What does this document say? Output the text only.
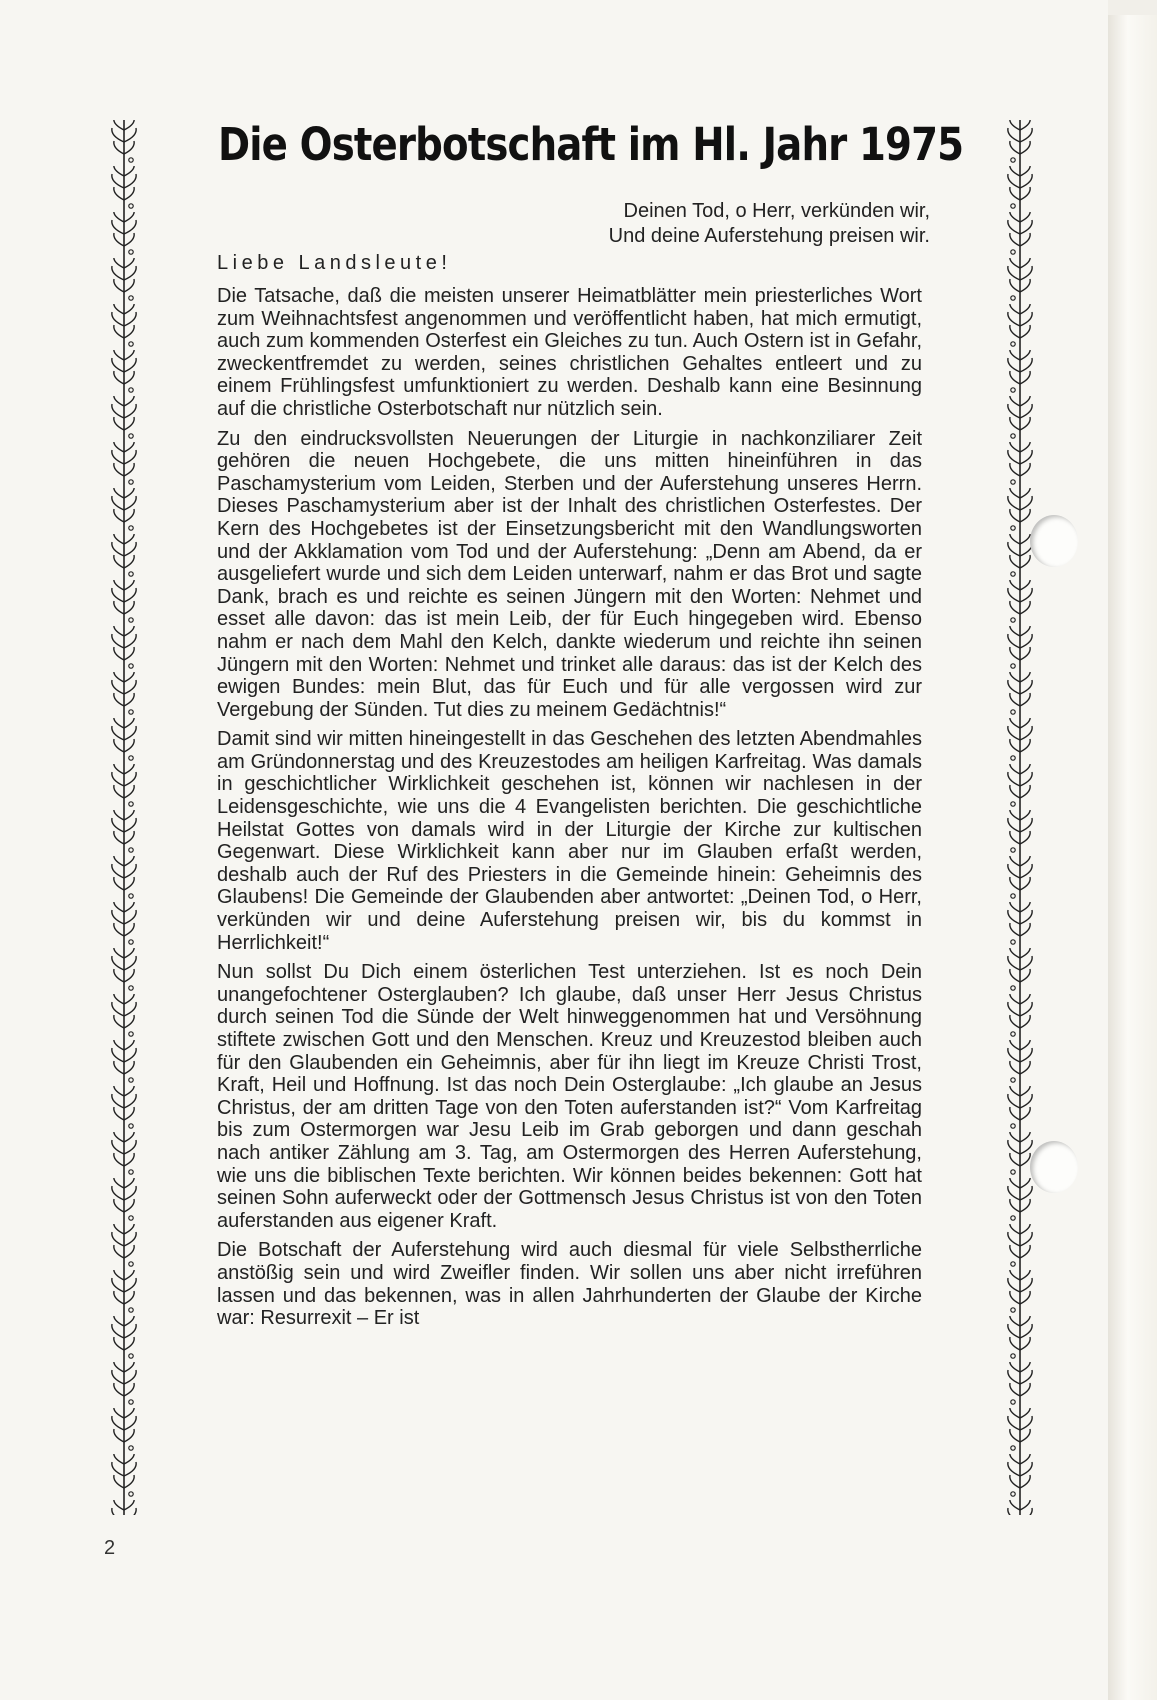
Die Osterbotschaft im Hl. Jahr 1975
Deinen Tod, o Herr, verkünden wir,
Und deine Auferstehung preisen wir.
Liebe Landsleute!

Die Tatsache, daß die meisten unserer Heimatblätter mein priesterliches Wort zum Weihnachtsfest angenommen und veröffentlicht haben, hat mich ermutigt, auch zum kommenden Osterfest ein Gleiches zu tun. Auch Ostern ist in Gefahr, zweckentfremdet zu werden, seines christlichen Gehaltes entleert und zu einem Frühlingsfest umfunktioniert zu werden. Deshalb kann eine Besinnung auf die christliche Osterbotschaft nur nützlich sein.

Zu den eindrucksvollsten Neuerungen der Liturgie in nachkonziliarer Zeit gehören die neuen Hochgebete, die uns mitten hineinführen in das Paschamysterium vom Leiden, Sterben und der Auferstehung unseres Herrn. Dieses Paschamysterium aber ist der Inhalt des christlichen Osterfestes. Der Kern des Hochgebetes ist der Einsetzungsbericht mit den Wandlungsworten und der Akklamation vom Tod und der Auferstehung: „Denn am Abend, da er ausgeliefert wurde und sich dem Leiden unterwarf, nahm er das Brot und sagte Dank, brach es und reichte es seinen Jüngern mit den Worten: Nehmet und esset alle davon: das ist mein Leib, der für Euch hingegeben wird. Ebenso nahm er nach dem Mahl den Kelch, dankte wiederum und reichte ihn seinen Jüngern mit den Worten: Nehmet und trinket alle daraus: das ist der Kelch des ewigen Bundes: mein Blut, das für Euch und für alle vergossen wird zur Vergebung der Sünden. Tut dies zu meinem Gedächtnis!“

Damit sind wir mitten hineingestellt in das Geschehen des letzten Abendmahles am Gründonnerstag und des Kreuzestodes am heiligen Karfreitag. Was damals in geschichtlicher Wirklichkeit geschehen ist, können wir nachlesen in der Leidensgeschichte, wie uns die 4 Evangelisten berichten. Die geschichtliche Heilstat Gottes von damals wird in der Liturgie der Kirche zur kultischen Gegenwart. Diese Wirklichkeit kann aber nur im Glauben erfaßt werden, deshalb auch der Ruf des Priesters in die Gemeinde hinein: Geheimnis des Glaubens! Die Gemeinde der Glaubenden aber antwortet: „Deinen Tod, o Herr, verkünden wir und deine Auferstehung preisen wir, bis du kommst in Herrlichkeit!“

Nun sollst Du Dich einem österlichen Test unterziehen. Ist es noch Dein unangefochtener Osterglauben? Ich glaube, daß unser Herr Jesus Christus durch seinen Tod die Sünde der Welt hinweggenommen hat und Versöhnung stiftete zwischen Gott und den Menschen. Kreuz und Kreuzestod bleiben auch für den Glaubenden ein Geheimnis, aber für ihn liegt im Kreuze Christi Trost, Kraft, Heil und Hoffnung. Ist das noch Dein Osterglaube: „Ich glaube an Jesus Christus, der am dritten Tage von den Toten auferstanden ist?“ Vom Karfreitag bis zum Ostermorgen war Jesu Leib im Grab geborgen und dann geschah nach antiker Zählung am 3. Tag, am Ostermorgen des Herren Auferstehung, wie uns die biblischen Texte berichten. Wir können beides bekennen: Gott hat seinen Sohn auferweckt oder der Gottmensch Jesus Christus ist von den Toten auferstanden aus eigener Kraft.

Die Botschaft der Auferstehung wird auch diesmal für viele Selbstherrliche anstößig sein und wird Zweifler finden. Wir sollen uns aber nicht irreführen lassen und das bekennen, was in allen Jahrhunderten der Glaube der Kirche war: Resurrexit – Er ist

2
